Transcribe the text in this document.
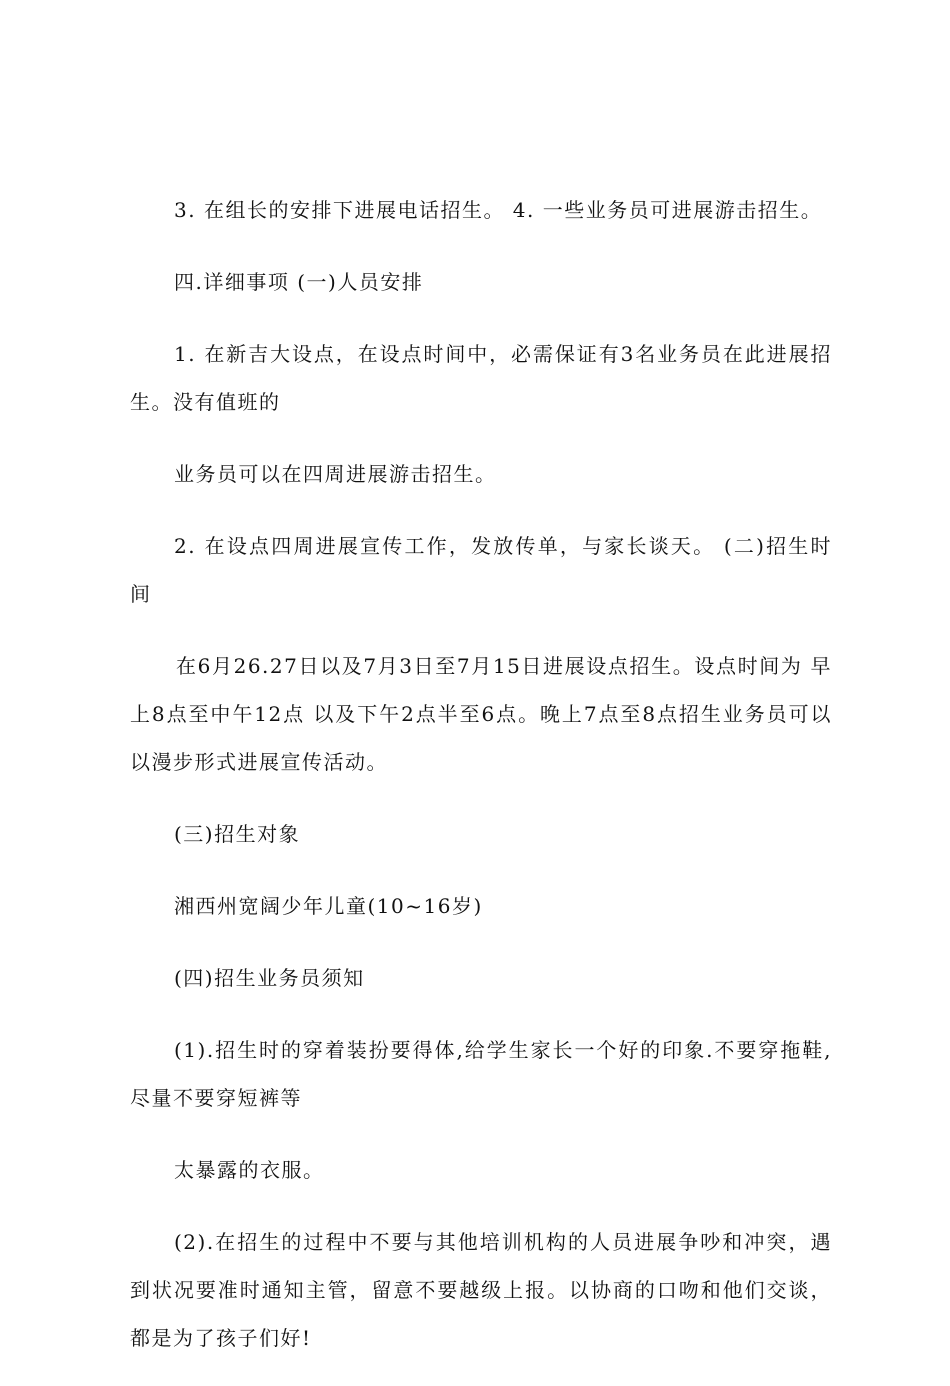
3. 在组长的安排下进展电话招生。 4. 一些业务员可进展游击招生。

四.详细事项 (一)人员安排

1. 在新吉大设点，在设点时间中，必需保证有3名业务员在此进展招生。没有值班的

业务员可以在四周进展游击招生。

2. 在设点四周进展宣传工作，发放传单，与家长谈天。 (二)招生时间

在6月26.27日以及7月3日至7月15日进展设点招生。设点时间为 早上8点至中午12点 以及下午2点半至6点。晚上7点至8点招生业务员可以以漫步形式进展宣传活动。

(三)招生对象

湘西州宽阔少年儿童(10~16岁)

(四)招生业务员须知

(1).招生时的穿着装扮要得体,给学生家长一个好的印象.不要穿拖鞋,尽量不要穿短裤等

太暴露的衣服。

(2).在招生的过程中不要与其他培训机构的人员进展争吵和冲突，遇到状况要准时通知主管，留意不要越级上报。以协商的口吻和他们交谈，都是为了孩子们好!
